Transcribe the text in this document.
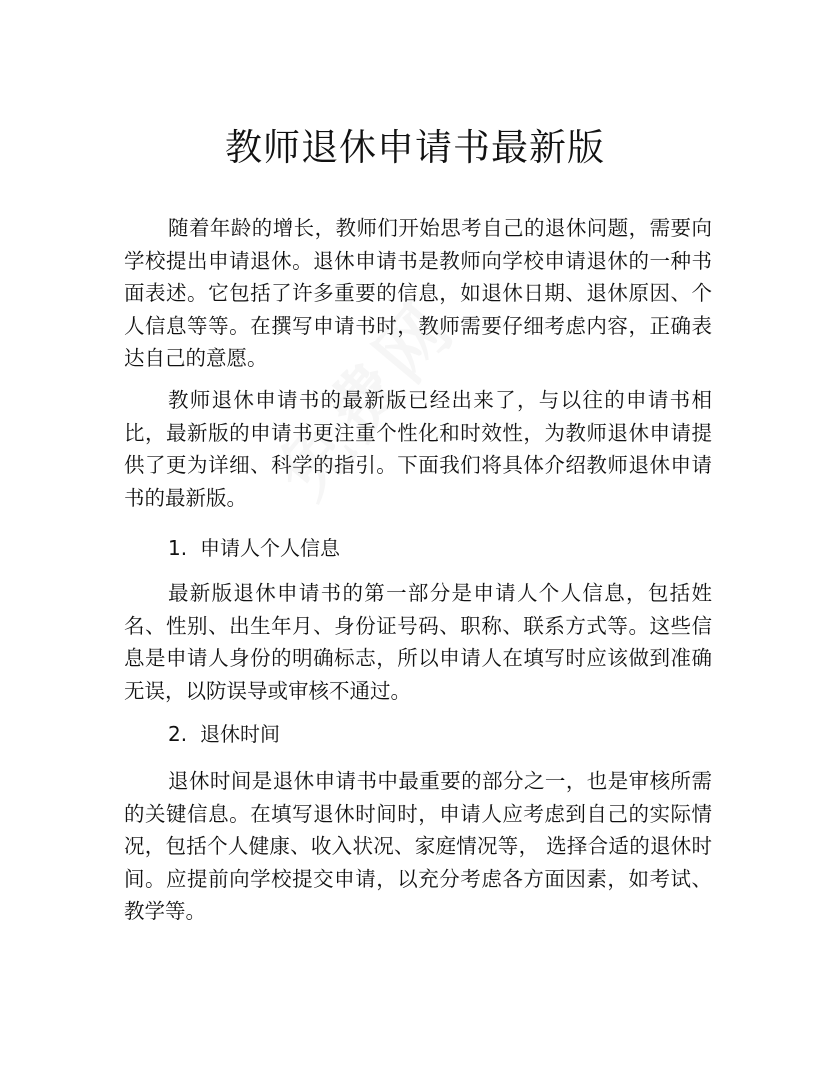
教师退休申请书最新版

随着年龄的增长，教师们开始思考自己的退休问题，需要向学校提出申请退休。退休申请书是教师向学校申请退休的一种书面表述。它包括了许多重要的信息，如退休日期、退休原因、个人信息等等。在撰写申请书时，教师需要仔细考虑内容，正确表达自己的意愿。

教师退休申请书的最新版已经出来了，与以往的申请书相比，最新版的申请书更注重个性化和时效性，为教师退休申请提供了更为详细、科学的指引。下面我们将具体介绍教师退休申请书的最新版。

1. 申请人个人信息

最新版退休申请书的第一部分是申请人个人信息，包括姓名、性别、出生年月、身份证号码、职称、联系方式等。这些信息是申请人身份的明确标志，所以申请人在填写时应该做到准确无误，以防误导或审核不通过。

2. 退休时间

退休时间是退休申请书中最重要的部分之一，也是审核所需的关键信息。在填写退休时间时，申请人应考虑到自己的实际情况，包括个人健康、收入状况、家庭情况等， 选择合适的退休时间。应提前向学校提交申请，以充分考虑各方面因素，如考试、教学等。
